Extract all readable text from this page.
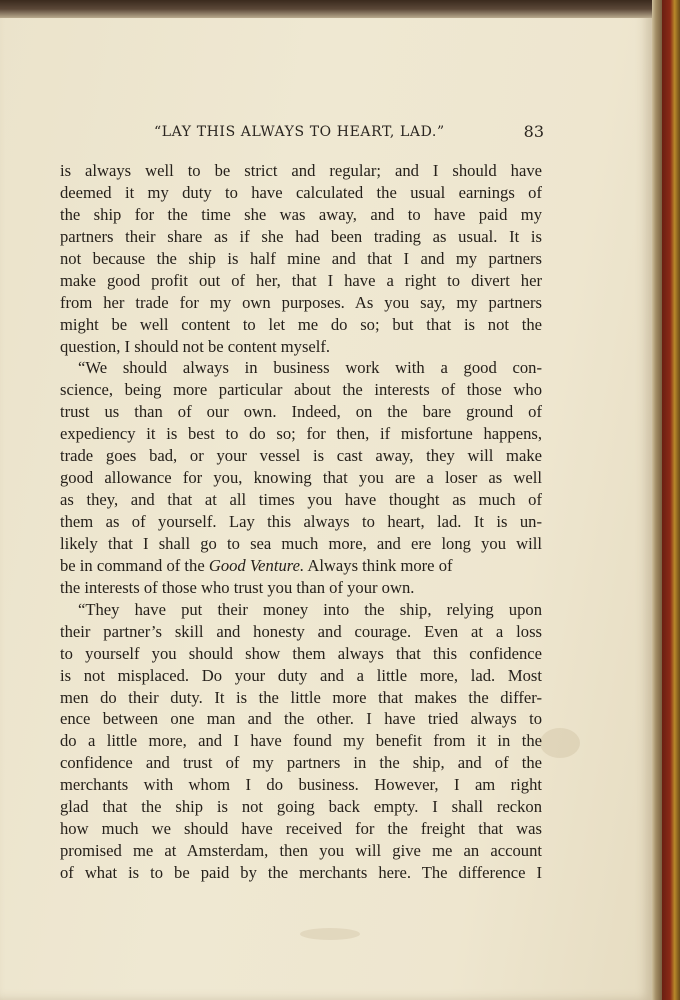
“LAY THIS ALWAYS TO HEART, LAD.”	83
is always well to be strict and regular; and I should have
deemed it my duty to have calculated the usual earnings of
the ship for the time she was away, and to have paid my
partners their share as if she had been trading as usual. It is
not because the ship is half mine and that I and my partners
make good profit out of her, that I have a right to divert her
from her trade for my own purposes. As you say, my partners
might be well content to let me do so; but that is not the
question, I should not be content myself.
“We should always in business work with a good con-
science, being more particular about the interests of those who
trust us than of our own. Indeed, on the bare ground of
expediency it is best to do so; for then, if misfortune happens,
trade goes bad, or your vessel is cast away, they will make
good allowance for you, knowing that you are a loser as well
as they, and that at all times you have thought as much of
them as of yourself. Lay this always to heart, lad. It is un-
likely that I shall go to sea much more, and ere long you will
be in command of the Good Venture. Always think more of
the interests of those who trust you than of your own.
“They have put their money into the ship, relying upon
their partner’s skill and honesty and courage. Even at a loss
to yourself you should show them always that this confidence
is not misplaced. Do your duty and a little more, lad. Most
men do their duty. It is the little more that makes the differ-
ence between one man and the other. I have tried always to
do a little more, and I have found my benefit from it in the
confidence and trust of my partners in the ship, and of the
merchants with whom I do business. However, I am right
glad that the ship is not going back empty. I shall reckon
how much we should have received for the freight that was
promised me at Amsterdam, then you will give me an account
of what is to be paid by the merchants here. The difference I
